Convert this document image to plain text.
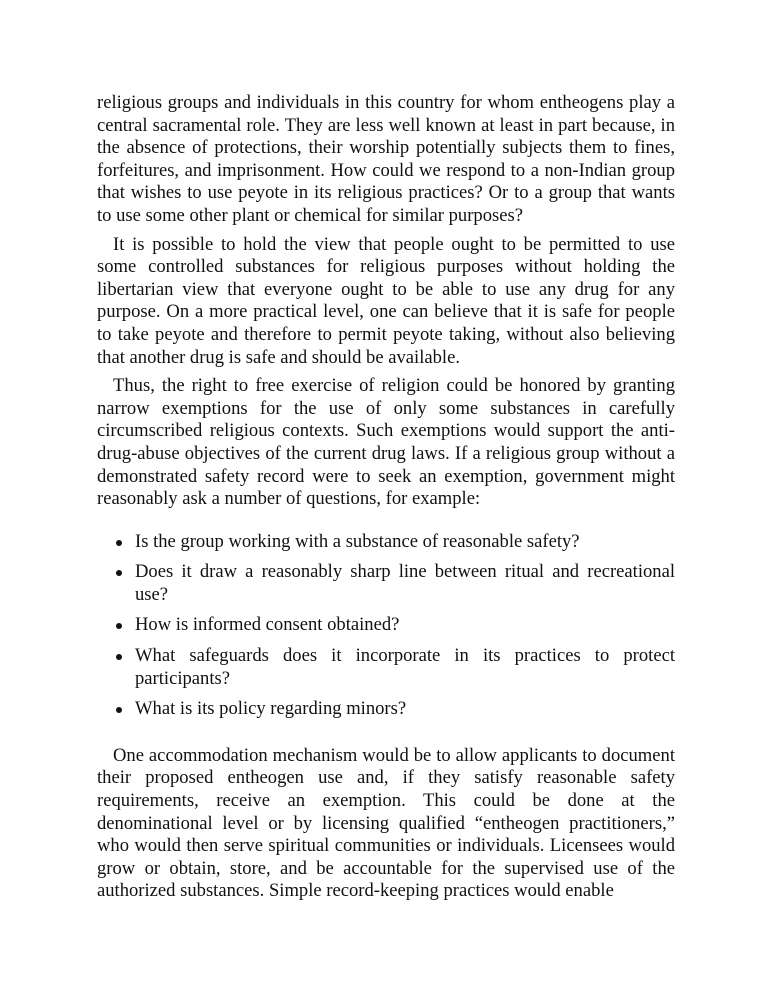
religious groups and individuals in this country for whom entheogens play a central sacramental role. They are less well known at least in part because, in the absence of protections, their worship potentially subjects them to fines, forfeitures, and imprisonment. How could we respond to a non-Indian group that wishes to use peyote in its religious practices? Or to a group that wants to use some other plant or chemical for similar purposes?

It is possible to hold the view that people ought to be permitted to use some controlled substances for religious purposes without holding the libertarian view that everyone ought to be able to use any drug for any purpose. On a more practical level, one can believe that it is safe for people to take peyote and therefore to permit peyote taking, without also believing that another drug is safe and should be available.

Thus, the right to free exercise of religion could be honored by granting narrow exemptions for the use of only some substances in carefully circumscribed religious contexts. Such exemptions would support the anti-drug-abuse objectives of the current drug laws. If a religious group without a demonstrated safety record were to seek an exemption, government might reasonably ask a number of questions, for example:

Is the group working with a substance of reasonable safety?
Does it draw a reasonably sharp line between ritual and recreational use?
How is informed consent obtained?
What safeguards does it incorporate in its practices to protect participants?
What is its policy regarding minors?

One accommodation mechanism would be to allow applicants to document their proposed entheogen use and, if they satisfy reasonable safety requirements, receive an exemption. This could be done at the denominational level or by licensing qualified “entheogen practitioners,” who would then serve spiritual communities or individuals. Licensees would grow or obtain, store, and be accountable for the supervised use of the authorized substances. Simple record-keeping practices would enable
